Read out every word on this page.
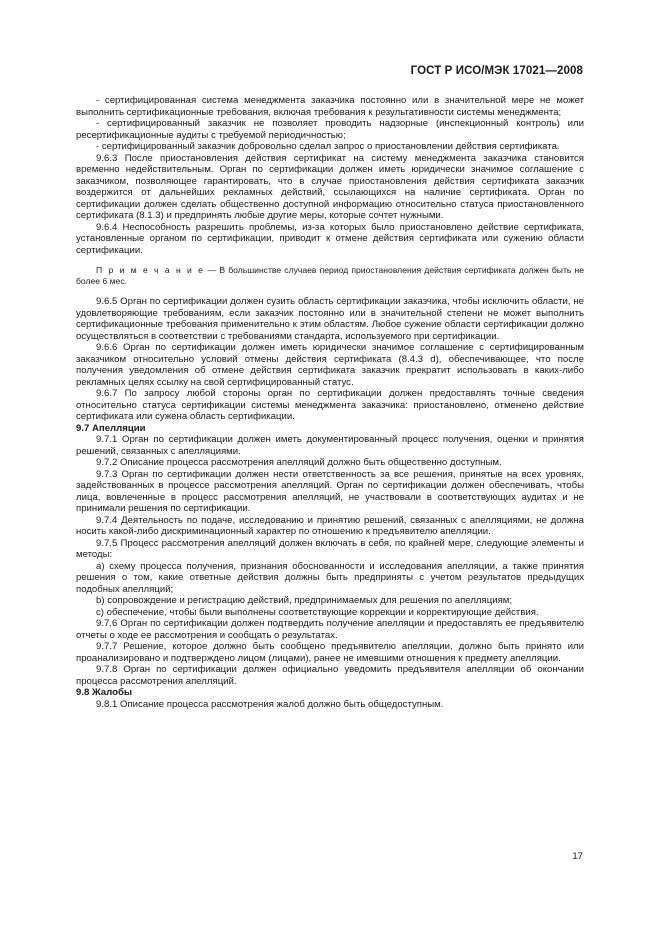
ГОСТ Р ИСО/МЭК 17021—2008

- сертифицированная система менеджмента заказчика постоянно или в значительной мере не может выполнить сертификационные требования, включая требования к результативности системы менеджмента;

- сертифицированный заказчик не позволяет проводить надзорные (инспекционный контроль) или ресертификационные аудиты с требуемой периодичностью;

- сертифицированный заказчик добровольно сделал запрос о приостановлении действия сертификата.

9.6.3 После приостановления действия сертификат на систему менеджмента заказчика становится временно недействительным. Орган по сертификации должен иметь юридически значимое соглашение с заказчиком, позволяющее гарантировать, что в случае приостановления действия сертификата заказчик воздержится от дальнейших рекламных действий, ссылающихся на наличие сертификата. Орган по сертификации должен сделать общественно доступной информацию относительно статуса приостановленного сертификата (8.1.3) и предпринять любые другие меры, которые сочтет нужными.

9.6.4 Неспособность разрешить проблемы, из-за которых было приостановлено действие сертификата, установленные органом по сертификации, приводит к отмене действия сертификата или сужению области сертификации.

П р и м е ч а н и е — В большинстве случаев период приостановления действия сертификата должен быть не более 6 мес.

9.6.5 Орган по сертификации должен сузить область сертификации заказчика, чтобы исключить области, не удовлетворяющие требованиям, если заказчик постоянно или в значительной степени не может выполнить сертификационные требования применительно к этим областям. Любое сужение области сертификации должно осуществляться в соответствии с требованиями стандарта, используемого при сертификации.

9.6.6 Орган по сертификации должен иметь юридически значимое соглашение с сертифицированным заказчиком относительно условий отмены действия сертификата (8.4.3 d), обеспечивающее, что после получения уведомления об отмене действия сертификата заказчик прекратит использовать в каких-либо рекламных целях ссылку на свой сертифицированный статус.

9.6.7 По запросу любой стороны орган по сертификации должен предоставлять точные сведения относительно статуса сертификации системы менеджмента заказчика: приостановлено, отменено действие сертификата или сужена область сертификации.

9.7 Апелляции

9.7.1 Орган по сертификации должен иметь документированный процесс получения, оценки и принятия решений, связанных с апелляциями.

9.7.2 Описание процесса рассмотрения апелляций должно быть общественно доступным.

9.7.3 Орган по сертификации должен нести ответственность за все решения, принятые на всех уровнях, задействованных в процессе рассмотрения апелляций. Орган по сертификации должен обеспечивать, чтобы лица, вовлеченные в процесс рассмотрения апелляций, не участвовали в соответствующих аудитах и не принимали решения по сертификации.

9.7.4 Деятельность по подаче, исследованию и принятию решений, связанных с апелляциями, не должна носить какой-либо дискриминационный характер по отношению к предъявителю апелляции.

9.7.5 Процесс рассмотрения апелляций должен включать в себя, по крайней мере, следующие элементы и методы:

a) схему процесса получения, признания обоснованности и исследования апелляции, а также принятия решения о том, какие ответные действия должны быть предприняты с учетом результатов предыдущих подобных апелляций;

b) сопровождение и регистрацию действий, предпринимаемых для решения по апелляциям;

c) обеспечение, чтобы были выполнены соответствующие коррекции и корректирующие действия.

9.7.6 Орган по сертификации должен подтвердить получение апелляции и предоставлять ее предъявителю отчеты о ходе ее рассмотрения и сообщать о результатах.

9.7.7 Решение, которое должно быть сообщено предъявителю апелляции, должно быть принято или проанализировано и подтверждено лицом (лицами), ранее не имевшими отношения к предмету апелляции.

9.7.8 Орган по сертификации должен официально уведомить предъявителя апелляции об окончании процесса рассмотрения апелляций.

9.8 Жалобы

9.8.1 Описание процесса рассмотрения жалоб должно быть общедоступным.

17
